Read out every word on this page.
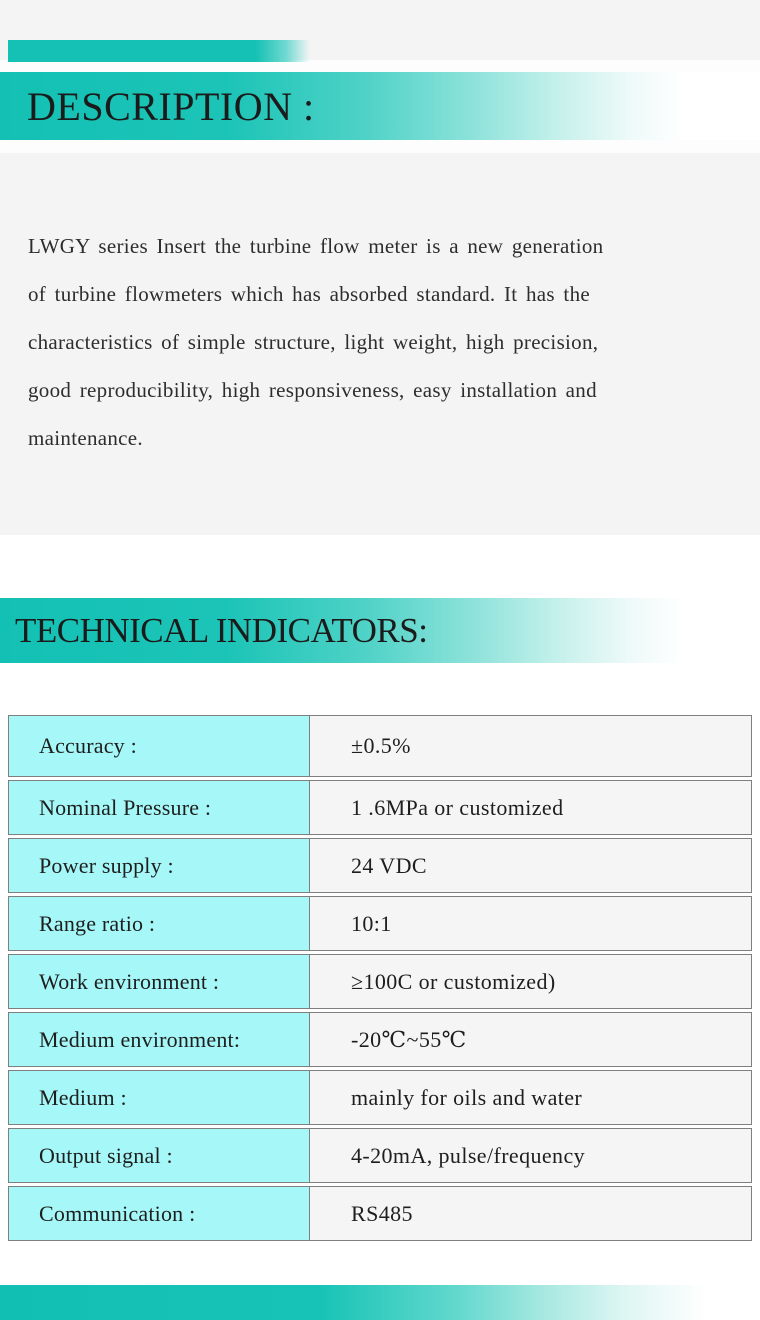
DESCRIPTION :
LWGY series Insert the turbine flow meter is a new generation
of turbine flowmeters which has absorbed standard. It has the
characteristics of simple structure, light weight, high precision,
good reproducibility, high responsiveness, easy installation and
maintenance.
TECHNICAL INDICATORS:
Accuracy :	±0.5%
Nominal Pressure :	1 .6MPa or customized
Power supply :	24 VDC
Range ratio :	10:1
Work environment :	≥100C or customized)
Medium environment:	-20℃~55℃
Medium :	mainly for oils and water
Output signal :	4-20mA, pulse/frequency
Communication :	RS485
